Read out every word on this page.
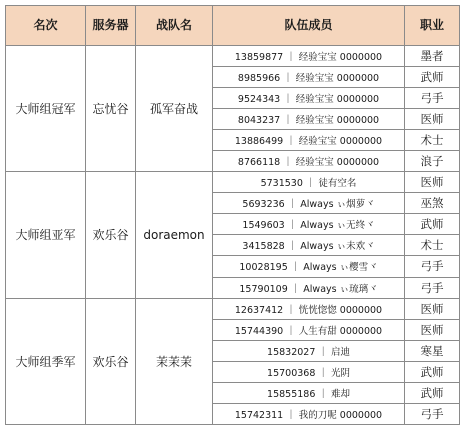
名次	服务器	战队名	队伍成员	职业
大师组冠军	忘忧谷	孤军奋战	13859877 ｜ 经验宝宝 0000000	墨者
			8985966 ｜ 经验宝宝 0000000	武师
			9524343 ｜ 经验宝宝 0000000	弓手
			8043237 ｜ 经验宝宝 0000000	医师
			13886499 ｜ 经验宝宝 0000000	术士
			8766118 ｜ 经验宝宝 0000000	浪子
大师组亚军	欢乐谷	doraemon	5731530 ｜ 徒有空名	医师
			5693236 ｜ Always ぃ烟萝ヾ	巫煞
			1549603 ｜ Always ぃ无终ヾ	武师
			3415828 ｜ Always ぃ未欢ヾ	术士
			10028195 ｜ Always ぃ樱雪ヾ	弓手
			15790109 ｜ Always ぃ琉璃ヾ	弓手
大师组季军	欢乐谷	茉茉茉	12637412 ｜ 恍恍惚惚 0000000	医师
			15744390 ｜ 人生有甜 0000000	医师
			15832027 ｜ 启迪	寒星
			15700368 ｜ 光阴	武师
			15855186 ｜ 难却	武师
			15742311 ｜ 我的刀呢 0000000	弓手
